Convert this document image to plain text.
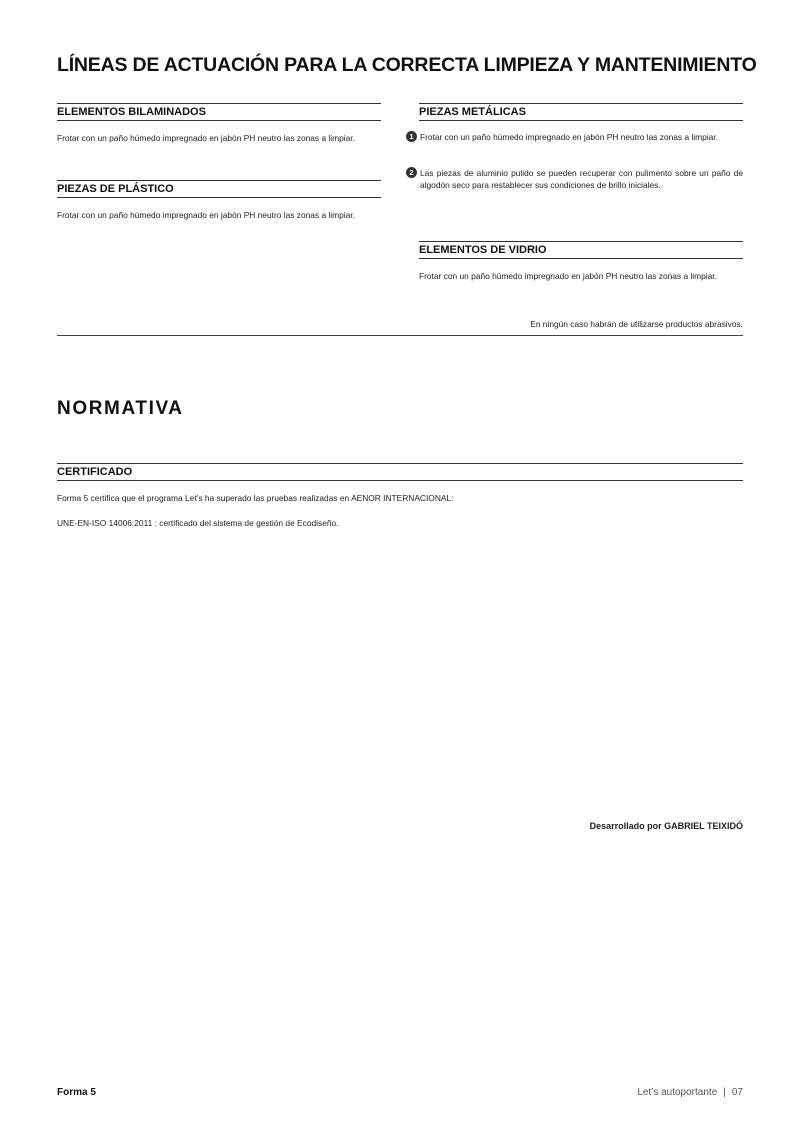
LÍNEAS DE ACTUACIÓN PARA LA CORRECTA LIMPIEZA Y MANTENIMIENTO
ELEMENTOS BILAMINADOS
Frotar con un paño húmedo impregnado en jabón PH neutro las zonas a limpiar.
PIEZAS DE PLÁSTICO
Frotar con un paño húmedo impregnado en jabón PH neutro las zonas a limpiar.
PIEZAS METÁLICAS
1 Frotar con un paño húmedo impregnado en jabón PH neutro las zonas a limpiar.
2 Las piezas de aluminio pulido se pueden recuperar con pulimento sobre un paño de algodón seco para restablecer sus condiciones de brillo iniciales.
ELEMENTOS DE VIDRIO
Frotar con un paño húmedo impregnado en jabón PH neutro las zonas a limpiar.
En ningún caso habrán de utilizarse productos abrasivos.
NORMATIVA
CERTIFICADO
Forma 5 certifica que el programa Let’s ha superado las pruebas realizadas en AENOR INTERNACIONAL:
UNE-EN-ISO 14006:2011 : certificado del sistema de gestión de Ecodiseño.
Desarrollado por GABRIEL TEIXIDÓ
Forma 5	Let’s autoportante | 07
